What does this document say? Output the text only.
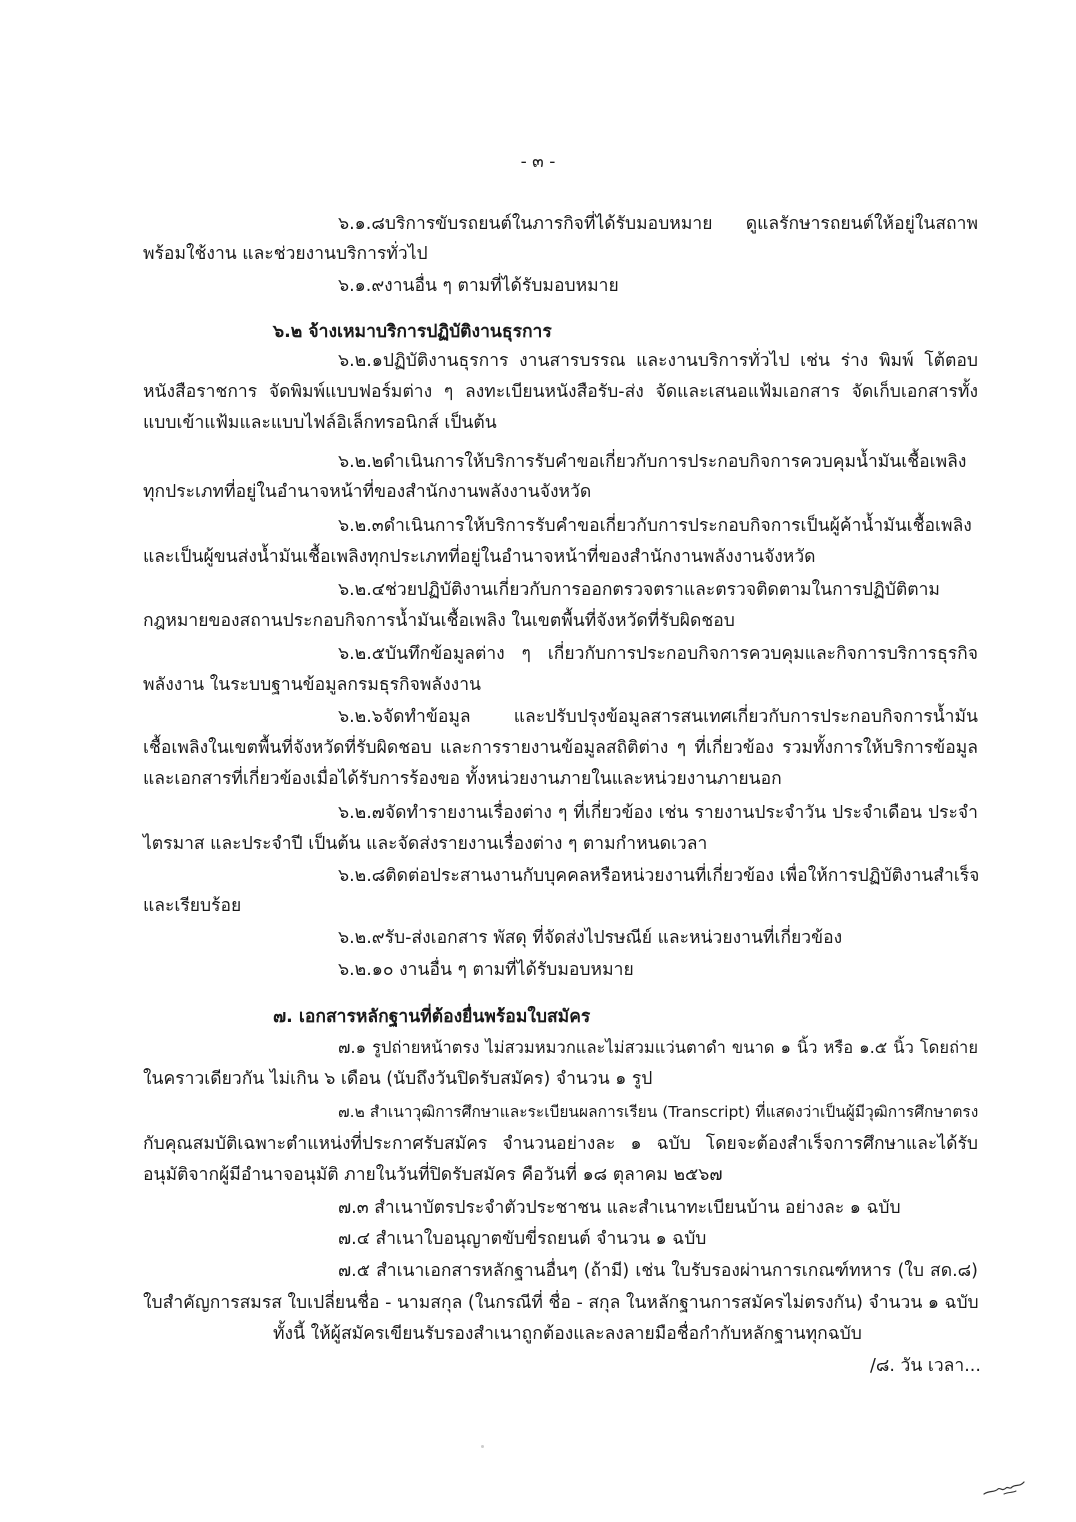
- ๓ -
๖.๑.๘บริการขับรถยนต์ในภารกิจที่ได้รับมอบหมาย ดูแลรักษารถยนต์ให้อยู่ในสถาพ
พร้อมใช้งาน และช่วยงานบริการทั่วไป
๖.๑.๙งานอื่น ๆ ตามที่ได้รับมอบหมาย
๖.๒ จ้างเหมาบริการปฏิบัติงานธุรการ
๖.๒.๑ปฏิบัติงานธุรการ งานสารบรรณ และงานบริการทั่วไป เช่น ร่าง พิมพ์ โต้ตอบ
หนังสือราชการ จัดพิมพ์แบบฟอร์มต่าง ๆ ลงทะเบียนหนังสือรับ-ส่ง จัดและเสนอแฟ้มเอกสาร จัดเก็บเอกสารทั้ง
แบบเข้าแฟ้มและแบบไฟล์อิเล็กทรอนิกส์ เป็นต้น
๖.๒.๒ดำเนินการให้บริการรับคำขอเกี่ยวกับการประกอบกิจการควบคุมน้ำมันเชื้อเพลิง
ทุกประเภทที่อยู่ในอำนาจหน้าที่ของสำนักงานพลังงานจังหวัด
๖.๒.๓ดำเนินการให้บริการรับคำขอเกี่ยวกับการประกอบกิจการเป็นผู้ค้าน้ำมันเชื้อเพลิง
และเป็นผู้ขนส่งน้ำมันเชื้อเพลิงทุกประเภทที่อยู่ในอำนาจหน้าที่ของสำนักงานพลังงานจังหวัด
๖.๒.๔ช่วยปฏิบัติงานเกี่ยวกับการออกตรวจตราและตรวจติดตามในการปฏิบัติตาม
กฎหมายของสถานประกอบกิจการน้ำมันเชื้อเพลิง ในเขตพื้นที่จังหวัดที่รับผิดชอบ
๖.๒.๕บันทึกข้อมูลต่าง ๆ เกี่ยวกับการประกอบกิจการควบคุมและกิจการบริการธุรกิจ
พลังงาน ในระบบฐานข้อมูลกรมธุรกิจพลังงาน
๖.๒.๖จัดทำข้อมูล และปรับปรุงข้อมูลสารสนเทศเกี่ยวกับการประกอบกิจการน้ำมัน
เชื้อเพลิงในเขตพื้นที่จังหวัดที่รับผิดชอบ และการรายงานข้อมูลสถิติต่าง ๆ ที่เกี่ยวข้อง รวมทั้งการให้บริการข้อมูล
และเอกสารที่เกี่ยวข้องเมื่อได้รับการร้องขอ ทั้งหน่วยงานภายในและหน่วยงานภายนอก
๖.๒.๗จัดทำรายงานเรื่องต่าง ๆ ที่เกี่ยวข้อง เช่น รายงานประจำวัน ประจำเดือน ประจำ
ไตรมาส และประจำปี เป็นต้น และจัดส่งรายงานเรื่องต่าง ๆ ตามกำหนดเวลา
๖.๒.๘ติดต่อประสานงานกับบุคคลหรือหน่วยงานที่เกี่ยวข้อง เพื่อให้การปฏิบัติงานสำเร็จ
และเรียบร้อย
๖.๒.๙รับ-ส่งเอกสาร พัสดุ ที่จัดส่งไปรษณีย์ และหน่วยงานที่เกี่ยวข้อง
๖.๒.๑๐ งานอื่น ๆ ตามที่ได้รับมอบหมาย
๗. เอกสารหลักฐานที่ต้องยื่นพร้อมใบสมัคร
๗.๑ รูปถ่ายหน้าตรง ไม่สวมหมวกและไม่สวมแว่นตาดำ ขนาด ๑ นิ้ว หรือ ๑.๕ นิ้ว โดยถ่าย
ในคราวเดียวกัน ไม่เกิน ๖ เดือน (นับถึงวันปิดรับสมัคร) จำนวน ๑ รูป
๗.๒ สำเนาวุฒิการศึกษาและระเบียนผลการเรียน (Transcript) ที่แสดงว่าเป็นผู้มีวุฒิการศึกษาตรง
กับคุณสมบัติเฉพาะตำแหน่งที่ประกาศรับสมัคร จำนวนอย่างละ ๑ ฉบับ โดยจะต้องสำเร็จการศึกษาและได้รับ
อนุมัติจากผู้มีอำนาจอนุมัติ ภายในวันที่ปิดรับสมัคร คือวันที่ ๑๘ ตุลาคม ๒๕๖๗
๗.๓ สำเนาบัตรประจำตัวประชาชน และสำเนาทะเบียนบ้าน อย่างละ ๑ ฉบับ
๗.๔ สำเนาใบอนุญาตขับขี่รถยนต์ จำนวน ๑ ฉบับ
๗.๕ สำเนาเอกสารหลักฐานอื่นๆ (ถ้ามี) เช่น ใบรับรองผ่านการเกณฑ์ทหาร (ใบ สด.๘)
ใบสำคัญการสมรส ใบเปลี่ยนชื่อ - นามสกุล (ในกรณีที่ ชื่อ - สกุล ในหลักฐานการสมัครไม่ตรงกัน) จำนวน ๑ ฉบับ
ทั้งนี้ ให้ผู้สมัครเขียนรับรองสำเนาถูกต้องและลงลายมือชื่อกำกับหลักฐานทุกฉบับ
/๘. วัน เวลา...
